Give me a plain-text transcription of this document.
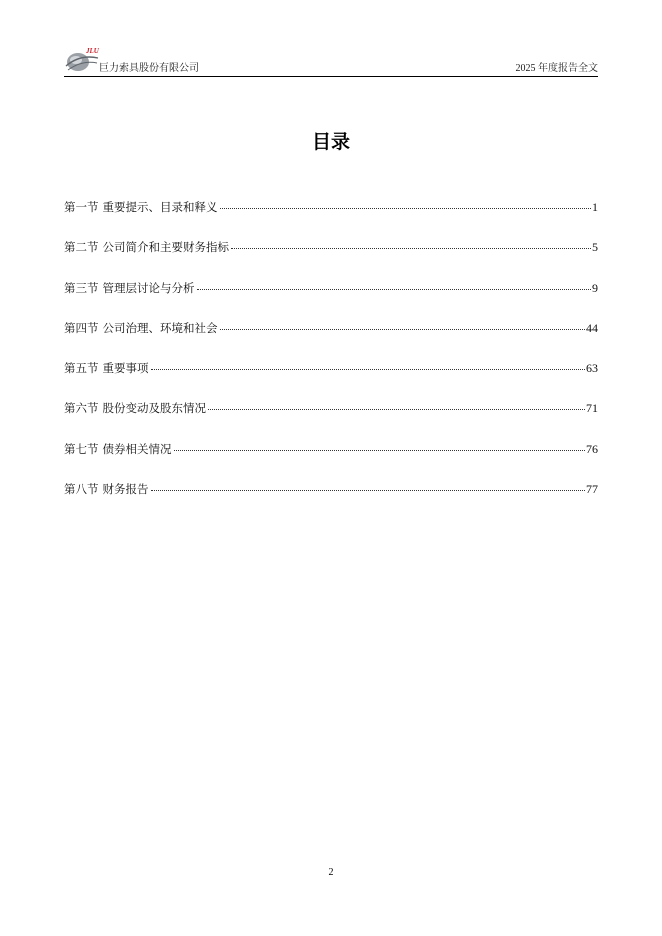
JLU
巨力索具股份有限公司	2025 年度报告全文
目录
第一节 重要提示、目录和释义	1
第二节 公司简介和主要财务指标	5
第三节 管理层讨论与分析	9
第四节 公司治理、环境和社会	44
第五节 重要事项	63
第六节 股份变动及股东情况	71
第七节 债券相关情况	76
第八节 财务报告	77
2
